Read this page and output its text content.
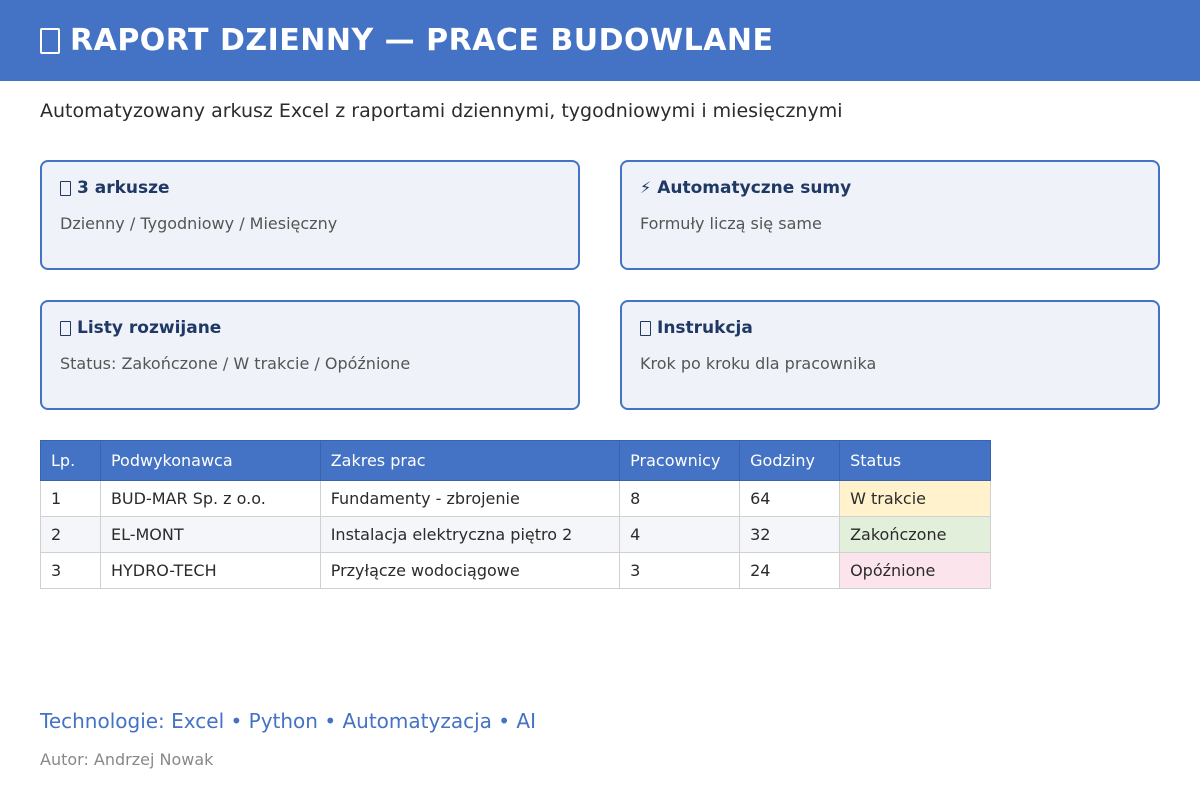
RAPORT DZIENNY — PRACE BUDOWLANE
Automatyzowany arkusz Excel z raportami dziennymi, tygodniowymi i miesięcznymi
3 arkusze
Dzienny / Tygodniowy / Miesięczny
⚡ Automatyczne sumy
Formuły liczą się same
Listy rozwijane
Status: Zakończone / W trakcie / Opóźnione
Instrukcja
Krok po kroku dla pracownika
Lp.	Podwykonawca	Zakres prac	Pracownicy	Godziny	Status
1	BUD-MAR Sp. z o.o.	Fundamenty - zbrojenie	8	64	W trakcie
2	EL-MONT	Instalacja elektryczna piętro 2	4	32	Zakończone
3	HYDRO-TECH	Przyłącze wodociągowe	3	24	Opóźnione
Technologie: Excel • Python • Automatyzacja • AI
Autor: Andrzej Nowak
